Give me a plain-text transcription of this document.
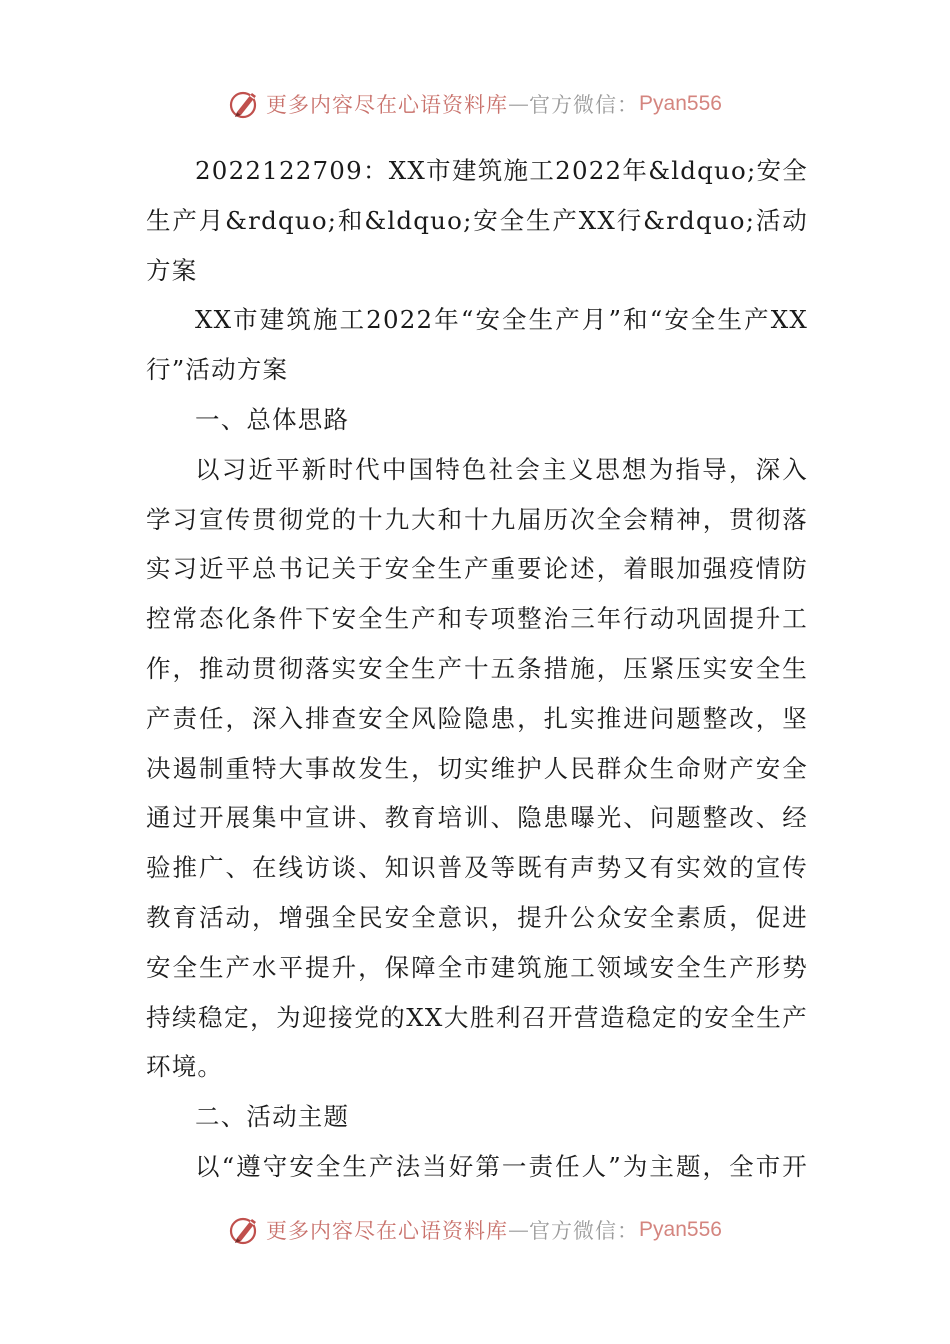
更多内容尽在心语资料库 — 官方微信： Pyan556

2022122709：XX市建筑施工2022年&ldquo;安全生产月&rdquo;和&ldquo;安全生产XX行&rdquo;活动方案

XX市建筑施工2022年“安全生产月”和“安全生产XX行”活动方案

一、总体思路

以习近平新时代中国特色社会主义思想为指导，深入学习宣传贯彻党的十九大和十九届历次全会精神，贯彻落实习近平总书记关于安全生产重要论述，着眼加强疫情防控常态化条件下安全生产和专项整治三年行动巩固提升工作，推动贯彻落实安全生产十五条措施，压紧压实安全生产责任，深入排查安全风险隐患，扎实推进问题整改，坚决遏制重特大事故发生，切实维护人民群众生命财产安全通过开展集中宣讲、教育培训、隐患曝光、问题整改、经验推广、在线访谈、知识普及等既有声势又有实效的宣传教育活动，增强全民安全意识，提升公众安全素质，促进安全生产水平提升，保障全市建筑施工领域安全生产形势持续稳定，为迎接党的XX大胜利召开营造稳定的安全生产环境。

二、活动主题

以“遵守安全生产法当好第一责任人”为主题，全市开

更多内容尽在心语资料库 — 官方微信： Pyan556
